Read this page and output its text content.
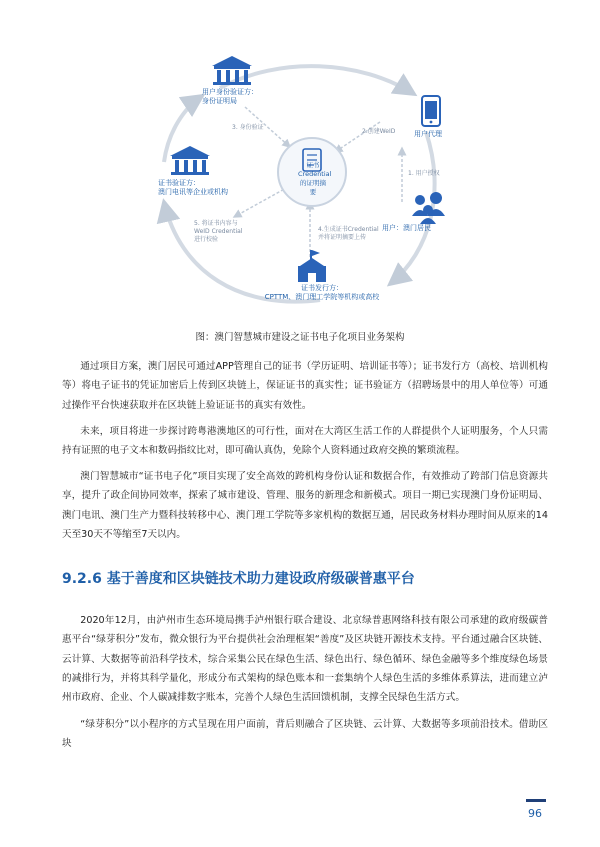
证书Credential
的证明摘要
用户身份验证方：
身份证明局
证书验证方：
澳门电讯等企业或机构
用户代理
用户：澳门居民
证书发行方：
CPTTM、澳门理工学院等机构或高校
1. 用户授权
2.创建WeID
3. 身份验证
4.生成证书Credential
并将证明摘要上传
5. 将证书内容与
WeID Credential
进行校验
图：澳门智慧城市建设之证书电子化项目业务架构

通过项目方案，澳门居民可通过APP管理自己的证书（学历证明、培训证书等）；证书发行方（高校、培训机构等）将电子证书的凭证加密后上传到区块链上，保证证书的真实性；证书验证方（招聘场景中的用人单位等）可通过操作平台快速获取并在区块链上验证证书的真实有效性。

未来，项目将进一步探讨跨粤港澳地区的可行性，面对在大湾区生活工作的人群提供个人证明服务，个人只需持有证照的电子文本和数码指纹比对，即可确认真伪，免除个人资料通过政府交换的繁琐流程。

澳门智慧城市“证书电子化”项目实现了安全高效的跨机构身份认证和数据合作，有效推动了跨部门信息资源共享，提升了政企间协同效率，探索了城市建设、管理、服务的新理念和新模式。项目一期已实现澳门身份证明局、澳门电讯、澳门生产力暨科技转移中心、澳门理工学院等多家机构的数据互通，居民政务材料办理时间从原来的14天至30天不等缩至7天以内。

9.2.6 基于善度和区块链技术助力建设政府级碳普惠平台

2020年12月，由泸州市生态环境局携手泸州银行联合建设、北京绿普惠网络科技有限公司承建的政府级碳普惠平台“绿芽积分”发布，微众银行为平台提供社会治理框架“善度”及区块链开源技术支持。平台通过融合区块链、云计算、大数据等前沿科学技术，综合采集公民在绿色生活、绿色出行、绿色循环、绿色金融等多个维度绿色场景的减排行为，并将其科学量化，形成分布式架构的绿色账本和一套集纳个人绿色生活的多维体系算法，进而建立泸州市政府、企业、个人碳减排数字账本，完善个人绿色生活回馈机制，支撑全民绿色生活方式。

“绿芽积分”以小程序的方式呈现在用户面前，背后则融合了区块链、云计算、大数据等多项前沿技术。借助区块

96
